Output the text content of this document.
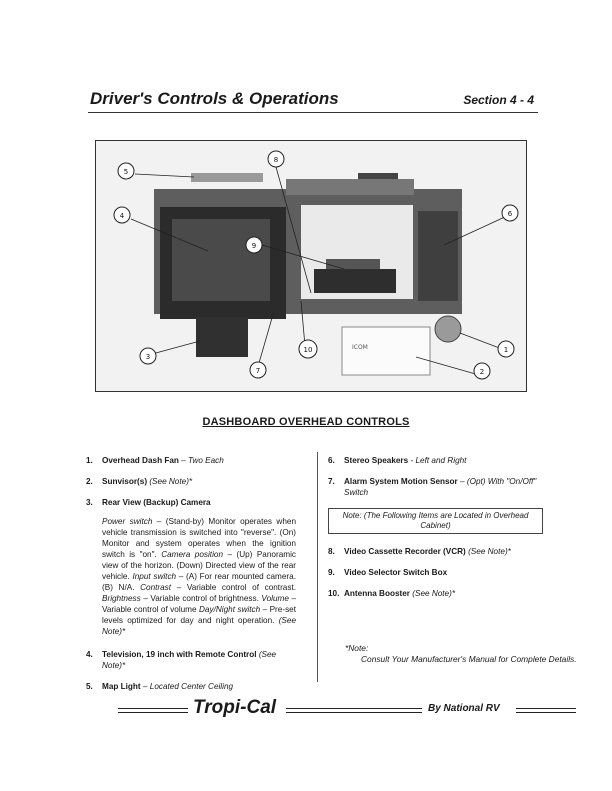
Driver's Controls & Operations	Section 4 - 4
ICOM
5
4
8
9
6
3
10
7
1
2
DASHBOARD OVERHEAD CONTROLS
1. Overhead Dash Fan – Two Each
2. Sunvisor(s) (See Note)*
3. Rear View (Backup) Camera

Power switch – (Stand-by) Monitor operates when vehicle transmission is switched into "reverse". (On) Monitor and system operates when the ignition switch is "on". Camera position – (Up) Panoramic view of the horizon. (Down) Directed view of the rear vehicle. Input switch – (A) For rear mounted camera. (B) N/A. Contrast – Variable control of contrast. Brightness – Variable control of brightness. Volume – Variable control of volume Day/Night switch – Pre-set levels optimized for day and night operation. (See Note)*

4. Television, 19 inch with Remote Control (See Note)*
5. Map Light – Located Center Ceiling
6. Stereo Speakers - Left and Right
7. Alarm System Motion Sensor – (Opt) With "On/Off" Switch
Note: (The Following Items are Located in Overhead Cabinet)
8. Video Cassette Recorder (VCR) (See Note)*
9. Video Selector Switch Box
10. Antenna Booster (See Note)*
*Note:
Consult Your Manufacturer's Manual for Complete Details.
Tropi-Cal	By National RV
